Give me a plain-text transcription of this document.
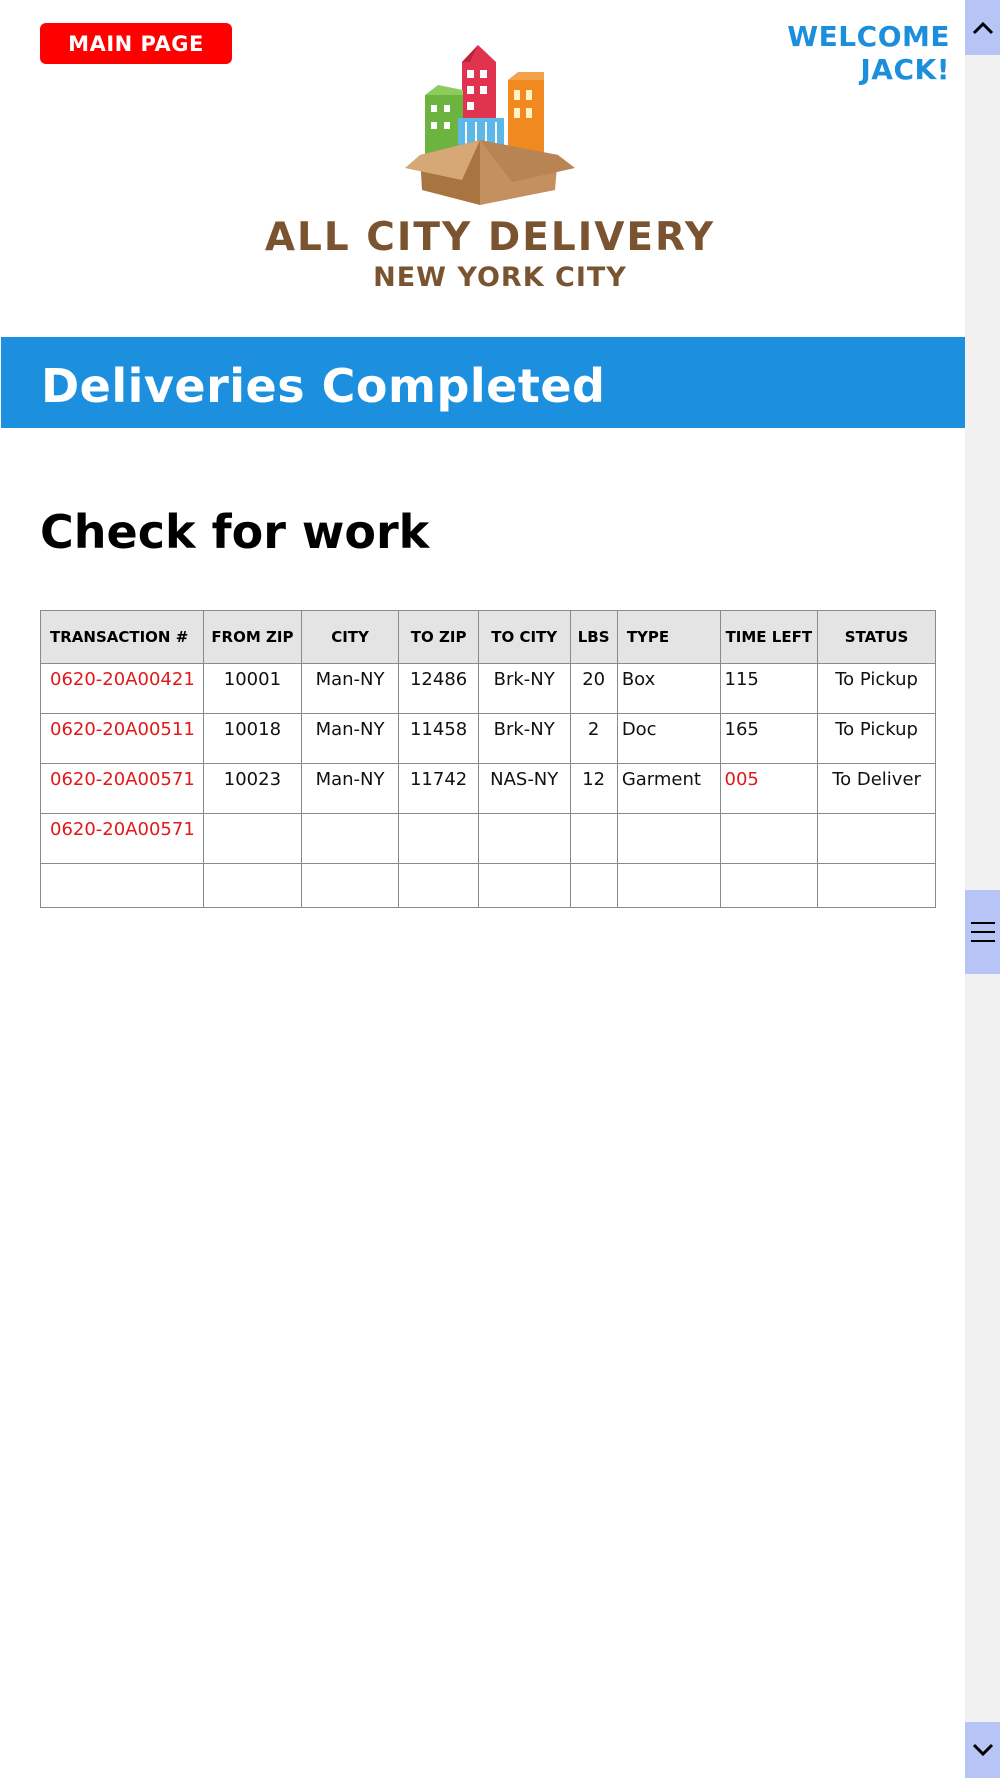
MAIN PAGE	WELCOME JACK!
ALL CITY DELIVERY
NEW YORK CITY
Deliveries Completed
Check for work
TRANSACTION #	FROM ZIP	CITY	TO ZIP	TO CITY	LBS	TYPE	TIME LEFT	STATUS
0620-20A00421	10001	Man-NY	12486	Brk-NY	20	Box	115	To Pickup
0620-20A00511	10018	Man-NY	11458	Brk-NY	2	Doc	165	To Pickup
0620-20A00571	10023	Man-NY	11742	NAS-NY	12	Garment	005	To Deliver
0620-20A00571								
